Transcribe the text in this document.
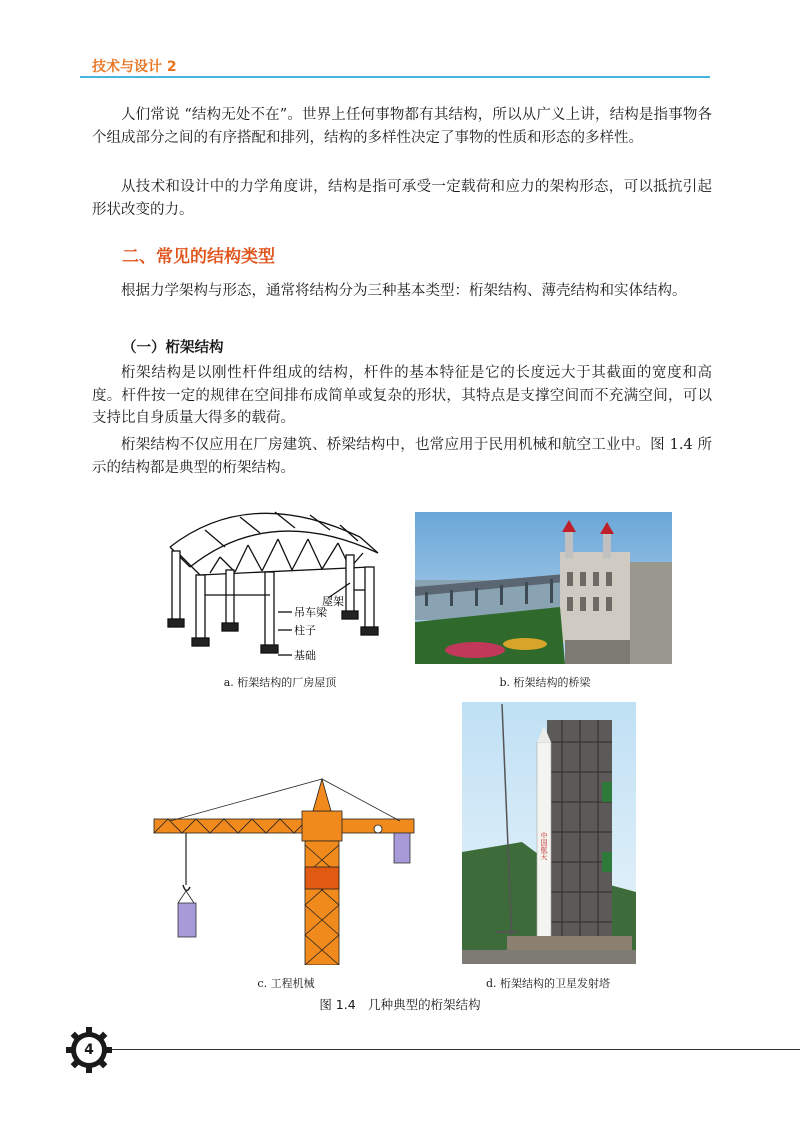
技术与设计 2

人们常说 “结构无处不在”。世界上任何事物都有其结构，所以从广义上讲，结构是指事物各个组成部分之间的有序搭配和排列，结构的多样性决定了事物的性质和形态的多样性。

从技术和设计中的力学角度讲，结构是指可承受一定载荷和应力的架构形态，可以抵抗引起形状改变的力。

二、常见的结构类型

根据力学架构与形态，通常将结构分为三种基本类型：桁架结构、薄壳结构和实体结构。

（一）桁架结构

桁架结构是以刚性杆件组成的结构，杆件的基本特征是它的长度远大于其截面的宽度和高度。杆件按一定的规律在空间排布成简单或复杂的形状，其特点是支撑空间而不充满空间，可以支持比自身质量大得多的载荷。

桁架结构不仅应用在厂房建筑、桥梁结构中，也常应用于民用机械和航空工业中。图 1.4 所示的结构都是典型的桁架结构。

屋架
吊车梁
柱子
基础
a. 桁架结构的厂房屋顶	b. 桁架结构的桥梁
中国航天
c. 工程机械	d. 桁架结构的卫星发射塔
图 1.4　几种典型的桁架结构
4
